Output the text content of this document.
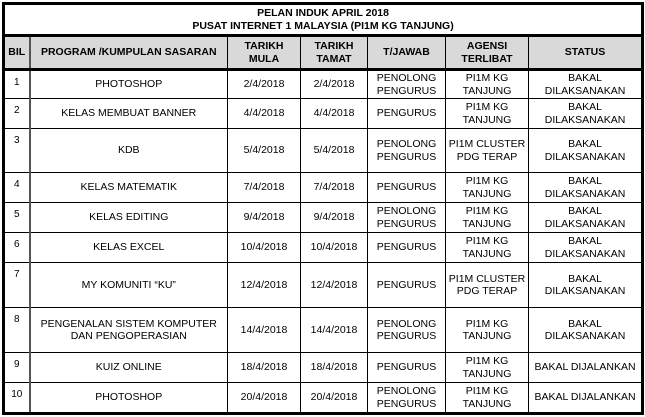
PELAN INDUK APRIL 2018
PUSAT INTERNET 1 MALAYSIA (PI1M KG TANJUNG)						

BIL	PROGRAM /KUMPULAN SASARAN	TARIKH MULA	TARIKH TAMAT	T/JAWAB	AGENSI TERLIBAT	STATUS
1	PHOTOSHOP	2/4/2018	2/4/2018	PENOLONG PENGURUS	PI1M KG TANJUNG	BAKAL DILAKSANAKAN
2	KELAS MEMBUAT BANNER	4/4/2018	4/4/2018	PENGURUS	PI1M KG TANJUNG	BAKAL DILAKSANAKAN
3	KDB	5/4/2018	5/4/2018	PENOLONG PENGURUS	PI1M CLUSTER PDG TERAP	BAKAL DILAKSANAKAN
4	KELAS MATEMATIK	7/4/2018	7/4/2018	PENGURUS	PI1M KG TANJUNG	BAKAL DILAKSANAKAN
5	KELAS EDITING	9/4/2018	9/4/2018	PENOLONG PENGURUS	PI1M KG TANJUNG	BAKAL DILAKSANAKAN
6	KELAS EXCEL	10/4/2018	10/4/2018	PENGURUS	PI1M KG TANJUNG	BAKAL DILAKSANAKAN
7	MY KOMUNITI “KU”	12/4/2018	12/4/2018	PENGURUS	PI1M CLUSTER PDG TERAP	BAKAL DILAKSANAKAN
8	PENGENALAN SISTEM KOMPUTER DAN PENGOPERASIAN	14/4/2018	14/4/2018	PENOLONG PENGURUS	PI1M KG TANJUNG	BAKAL DILAKSANAKAN
9	KUIZ ONLINE	18/4/2018	18/4/2018	PENGURUS	PI1M KG TANJUNG	BAKAL DIJALANKAN
10	PHOTOSHOP	20/4/2018	20/4/2018	PENOLONG PENGURUS	PI1M KG TANJUNG	BAKAL DIJALANKAN
